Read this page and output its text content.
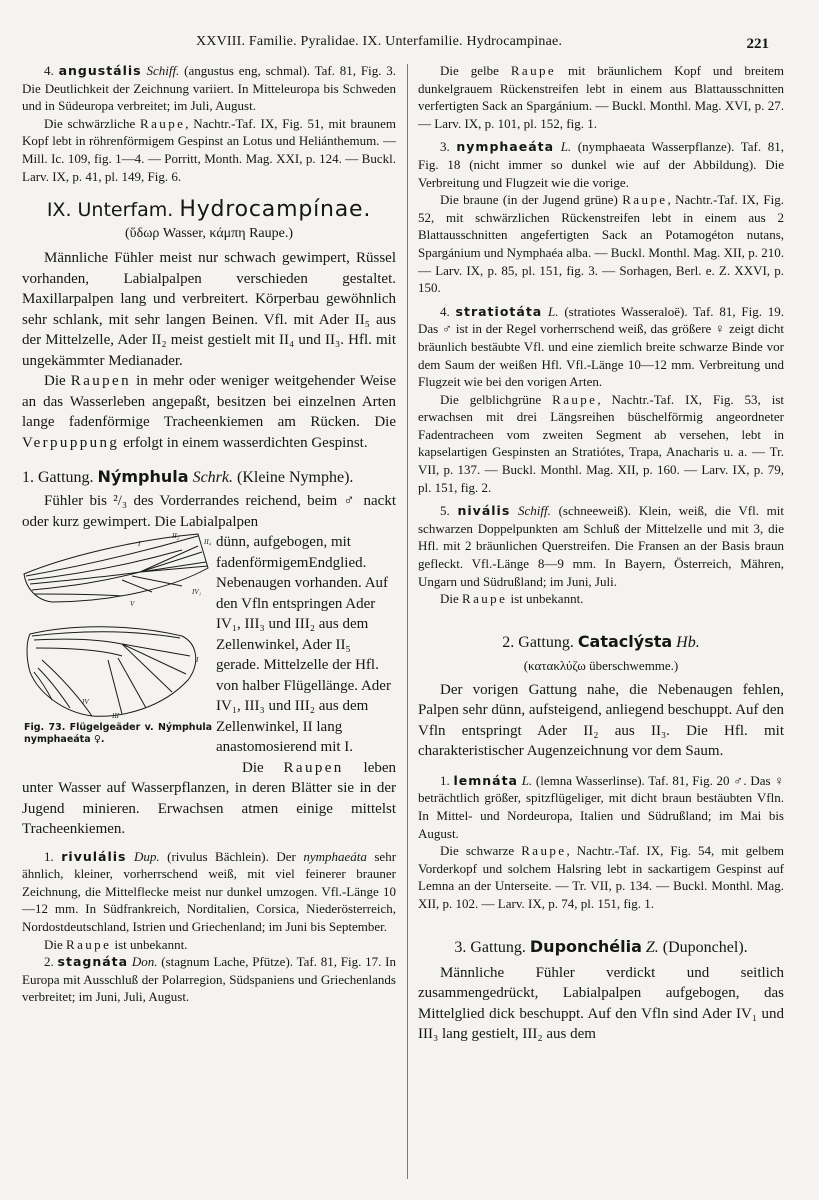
XXVIII. Familie. Pyralidae. IX. Unterfamilie. Hydrocampinae.	221

4. angustális Schiff. (angustus eng, schmal). Taf. 81, Fig. 3. Die Deutlichkeit der Zeichnung variiert. In Mitteleuropa bis Schweden und in Südeuropa verbreitet; im Juli, August.

Die schwärzliche Raupe, Nachtr.-Taf. IX, Fig. 51, mit braunem Kopf lebt in röhrenförmigem Gespinst an Lotus und Heliánthemum. — Mill. Ic. 109, fig. 1—4. — Porritt, Month. Mag. XXI, p. 124. — Buckl. Larv. IX, p. 41, pl. 149, Fig. 6.

IX. Unterfam. Hydrocampínae.

(ὕδωρ Wasser, κάμπη Raupe.)

Männliche Fühler meist nur schwach gewimpert, Rüssel vorhanden, Labialpalpen verschieden gestaltet. Maxillarpalpen lang und verbreitert. Körperbau gewöhnlich sehr schlank, mit sehr langen Beinen. Vfl. mit Ader II₅ aus der Mittelzelle, Ader II₂ meist gestielt mit II₄ und II₃. Hfl. mit ungekämmter Medianader.

Die Raupen in mehr oder weniger weitgehender Weise an das Wasserleben angepaßt, besitzen bei einzelnen Arten lange fadenförmige Tracheenkiemen am Rücken. Die Verpuppung erfolgt in einem wasserdichten Gespinst.

1. Gattung. Nýmphula Schrk. (Kleine Nymphe).

Fühler bis ²/₃ des Vorderrandes reichend, beim ♂ nackt oder kurz gewimpert. Die Labialpalpen

I
II₂
II₄
IV₁
V
I
IV
III
Fig. 73. Flügelgeäder v. Nýmphula nymphaeáta ♀.

dünn, aufgebogen, mit fadenförmigemEndglied. Nebenaugen vorhanden. Auf den Vfln entspringen Ader IV₁, III₃ und III₂ aus dem Zellenwinkel, Ader II₅ gerade. Mittelzelle der Hfl. von halber Flügellänge. Ader IV₁, III₃ und III₂ aus dem Zellenwinkel, II lang anastomosierend mit I.

Die Raupen leben unter Wasser auf Wasserpflanzen, in deren Blätter sie in der Jugend minieren. Erwachsen atmen einige mittelst Tracheenkiemen.

1. rivulális Dup. (rivulus Bächlein). Der nymphaeáta sehr ähnlich, kleiner, vorherrschend weiß, mit viel feinerer brauner Zeichnung, die Mittelflecke meist nur dunkel umzogen. Vfl.-Länge 10—12 mm. In Südfrankreich, Norditalien, Corsica, Niederösterreich, Nordostdeutschland, Istrien und Griechenland; im Juni bis September.

Die Raupe ist unbekannt.

2. stagnáta Don. (stagnum Lache, Pfütze). Taf. 81, Fig. 17. In Europa mit Ausschluß der Polarregion, Südspaniens und Griechenlands verbreitet; im Juni, Juli, August.

Die gelbe Raupe mit bräunlichem Kopf und breitem dunkelgrauem Rückenstreifen lebt in einem aus Blattausschnitten verfertigten Sack an Spargánium. — Buckl. Monthl. Mag. XVI, p. 27. — Larv. IX, p. 101, pl. 152, fig. 1.

3. nymphaeáta L. (nymphaeata Wasserpflanze). Taf. 81, Fig. 18 (nicht immer so dunkel wie auf der Abbildung). Die Verbreitung und Flugzeit wie die vorige.

Die braune (in der Jugend grüne) Raupe, Nachtr.-Taf. IX, Fig. 52, mit schwärzlichen Rückenstreifen lebt in einem aus 2 Blattausschnitten angefertigten Sack an Potamogéton nutans, Spargánium und Nymphaéa alba. — Buckl. Monthl. Mag. XII, p. 210. — Larv. IX, p. 85, pl. 151, fig. 3. — Sorhagen, Berl. e. Z. XXVI, p. 150.

4. stratiotáta L. (stratiotes Wasseraloë). Taf. 81, Fig. 19. Das ♂ ist in der Regel vorherrschend weiß, das größere ♀ zeigt dicht bräunlich bestäubte Vfl. und eine ziemlich breite schwarze Binde vor dem Saum der weißen Hfl. Vfl.-Länge 10—12 mm. Verbreitung und Flugzeit wie bei den vorigen Arten.

Die gelblichgrüne Raupe, Nachtr.-Taf. IX, Fig. 53, ist erwachsen mit drei Längsreihen büschelförmig angeordneter Fadentracheen vom zweiten Segment ab versehen, lebt in kapselartigen Gespinsten an Stratiótes, Trapa, Anacharis u. a. — Tr. VII, p. 137. — Buckl. Monthl. Mag. XII, p. 160. — Larv. IX, p. 79, pl. 151, fig. 2.

5. nivális Schiff. (schneeweiß). Klein, weiß, die Vfl. mit schwarzen Doppelpunkten am Schluß der Mittelzelle und mit 3, die Hfl. mit 2 bräunlichen Querstreifen. Die Fransen an der Basis braun gefleckt. Vfl.-Länge 8—9 mm. In Bayern, Österreich, Mähren, Ungarn und Südrußland; im Juni, Juli.

Die Raupe ist unbekannt.

2. Gattung. Cataclýsta Hb.

(κατακλύζω überschwemme.)

Der vorigen Gattung nahe, die Nebenaugen fehlen, Palpen sehr dünn, aufsteigend, anliegend beschuppt. Auf den Vfln entspringt Ader II₂ aus II₃. Die Hfl. mit charakteristischer Augenzeichnung vor dem Saum.

1. lemnáta L. (lemna Wasserlinse). Taf. 81, Fig. 20 ♂. Das ♀ beträchtlich größer, spitzflügeliger, mit dicht braun bestäubten Vfln. In Mittel- und Nordeuropa, Italien und Südrußland; im Mai bis August.

Die schwarze Raupe, Nachtr.-Taf. IX, Fig. 54, mit gelbem Vorderkopf und solchem Halsring lebt in sackartigem Gespinst auf Lemna an der Unterseite. — Tr. VII, p. 134. — Buckl. Monthl. Mag. XII, p. 102. — Larv. IX, p. 74, pl. 151, fig. 1.

3. Gattung. Duponchélia Z. (Duponchel).

Männliche Fühler verdickt und seitlich zusammengedrückt, Labialpalpen aufgebogen, das Mittelglied dick beschuppt. Auf den Vfln sind Ader IV₁ und III₃ lang gestielt, III₂ aus dem
